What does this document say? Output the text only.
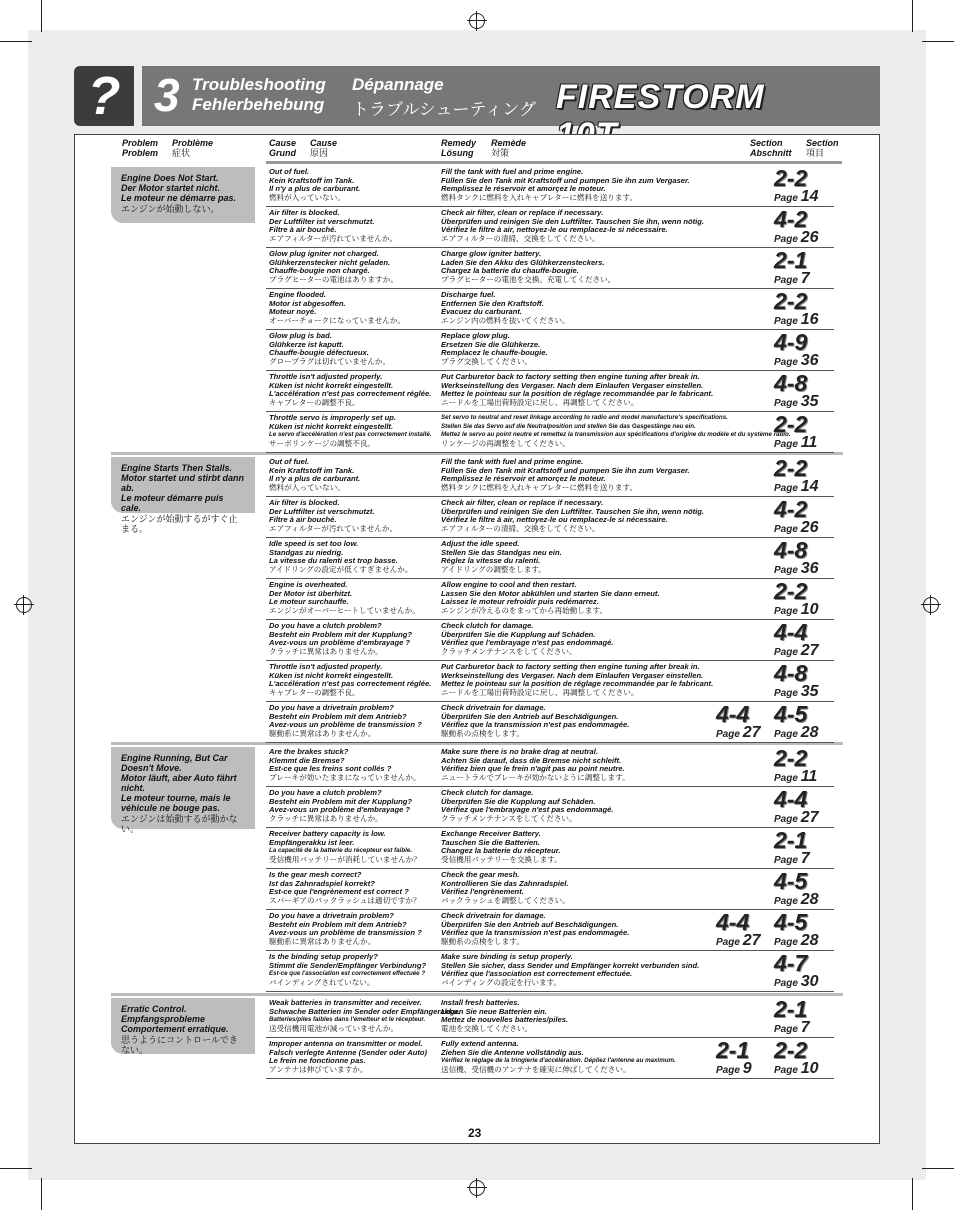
? 3 Troubleshooting
Fehlerbehebung
Dépannage
トラブルシューティング FIRESTORM
Problem Problème
Problem 症状
Cause Cause
Grund 原因
Remedy Remède
Lösung 対策
Section	Section
Abschnitt 項目
Engine Does Not Start.
Der Motor startet nicht.
Le moteur ne démarre pas.
エンジンが始動しない。
Engine Starts Then Stalls.
Motor startet und stirbt dann ab.
Le moteur démarre puis cale.
エンジンが始動するがすぐ止まる。
Engine Running, But Car
Doesn't Move.
Motor läuft, aber Auto fährt nicht.
Le moteur tourne, mais le
véhicule ne bouge pas.
エンジンは始動するが動かない。
Erratic Control.
Empfangsprobleme
Comportement erratique.
思うようにコントロールできない。
Out of fuel.
Kein Kraftstoff im Tank.
Il n'y a plus de carburant.
燃料が入っていない。
Fill the tank with fuel and prime engine.
Füllen Sie den Tank mit Kraftstoff und pumpen Sie ihn zum Vergaser.
Remplissez le réservoir et amorçez le moteur.
燃料タンクに燃料を入れキャブレターに燃料を送ります。
2-2
Page 14
Air filter is blocked.
Der Luftfilter ist verschmutzt.
Filtre à air bouché.
エアフィルターが汚れていませんか。
Check air filter, clean or replace if necessary.
Überprüfen und reinigen Sie den Luftfilter. Tauschen Sie ihn, wenn nötig.
Vérifiez le filtre à air, nettoyez-le ou remplacez-le si nécessaire.
エアフィルターの清掃、交換をしてください。
4-2
Page 26
Glow plug igniter not charged.
Glühkerzenstecker nicht geladen.
Chauffe-bougie non chargé.
プラグヒーターの電池はありますか。
Charge glow igniter battery.
Laden Sie den Akku des Glühkerzensteckers.
Chargez la batterie du chauffe-bougie.
プラグヒーターの電池を交換、充電してください。
2-1
Page 7
Engine flooded.
Motor ist abgesoffen.
Moteur noyé.
オーバーチョークになっていませんか。
Discharge fuel.
Entfernen Sie den Kraftstoff.
Évacuez du carburant.
エンジン内の燃料を抜いてください。
2-2
Page 16
Glow plug is bad.
Glühkerze ist kaputt.
Chauffe-bougie défectueux.
グロープラグは切れていませんか。
Replace glow plug.
Ersetzen Sie die Glühkerze.
Remplacez le chauffe-bougie.
プラグ交換してください。
4-9
Page 36
Throttle isn't adjusted properly.
Küken ist nicht korrekt eingestellt.
L'accélération n'est pas correctement réglée.
キャブレターの調整不良。
Put Carburetor back to factory setting then engine tuning after break in.
Werkseinstellung des Vergaser. Nach dem Einlaufen Vergaser einstellen.
Mettez le pointeau sur la position de réglage recommandée par le fabricant.
ニードルを工場出荷時設定に戻し、再調整してください。
4-8
Page 35
Throttle servo is improperly set up.
Küken ist nicht korrekt eingestellt.
Le servo d'accélération n'est pas correctement installé.
サーボリンケージの調整不良。
Set servo to neutral and reset linkage according to radio and model manufacture's specifications.
Stellen Sie das Servo auf die Neutralposition und stellen Sie das Gasgestänge neu ein.
Mettez le servo au point neutre et remettez la transmission aux spécifications d'origine du modèle et du système radio.
リンケージの再調整をしてください。
2-2
Page 11
Out of fuel.
Kein Kraftstoff im Tank.
Il n'y a plus de carburant.
燃料が入っていない。
Fill the tank with fuel and prime engine.
Füllen Sie den Tank mit Kraftstoff und pumpen Sie ihn zum Vergaser.
Remplissez le réservoir et amorçez le moteur.
燃料タンクに燃料を入れキャブレターに燃料を送ります。
2-2
Page 14
Air filter is blocked.
Der Luftfilter ist verschmutzt.
Filtre à air bouché.
エアフィルターが汚れていませんか。
Check air filter, clean or replace if necessary.
Überprüfen und reinigen Sie den Luftfilter. Tauschen Sie ihn, wenn nötig.
Vérifiez le filtre à air, nettoyez-le ou remplacez-le si nécessaire.
エアフィルターの清掃、交換をしてください。
4-2
Page 26
Idle speed is set too low.
Standgas zu niedrig.
La vitesse du ralenti est trop basse.
アイドリングの設定が低くすぎませんか。
Adjust the idle speed.
Stellen Sie das Standgas neu ein.
Réglez la vitesse du ralenti.
アイドリングの調整をします。
4-8
Page 36
Engine is overheated.
Der Motor ist überhitzt.
Le moteur surchauffe.
エンジンがオーバーヒートしていませんか。
Allow engine to cool and then restart.
Lassen Sie den Motor abkühlen und starten Sie dann erneut.
Laissez le moteur refroidir puis redémarrez.
エンジンが冷えるのをまってから再始動します。
2-2
Page 10
Do you have a clutch problem?
Besteht ein Problem mit der Kupplung?
Avez-vous un problème d'embrayage ?
クラッチに異常はありませんか。
Check clutch for damage.
Überprüfen Sie die Kupplung auf Schäden.
Vérifiez que l'embrayage n'est pas endommagé.
クラッチメンテナンスをしてください。
4-4
Page 27
Throttle isn't adjusted properly.
Küken ist nicht korrekt eingestellt.
L'accélération n'est pas correctement réglée.
キャブレターの調整不良。
Put Carburetor back to factory setting then engine tuning after break in.
Werkseinstellung des Vergaser. Nach dem Einlaufen Vergaser einstellen.
Mettez le pointeau sur la position de réglage recommandée par le fabricant.
ニードルを工場出荷時設定に戻し、再調整してください。
4-8
Page 35
Do you have a drivetrain problem?
Besteht ein Problem mit dem Antrieb?
Avez-vous un problème de transmission ?
駆動系に異常はありませんか。
Check drivetrain for damage.
Überprüfen Sie den Antrieb auf Beschädigungen.
Vérifiez que la transmission n'est pas endommagée.
駆動系の点検をします。
4-4
Page 27
4-5
Page 28
Are the brakes stuck?
Klemmt die Bremse?
Est-ce que les freins sont collés ?
ブレーキが効いたままになっていませんか。
Make sure there is no brake drag at neutral.
Achten Sie darauf, dass die Bremse nicht schleift.
Vérifiez bien que le frein n'agit pas au point neutre.
ニュートラルでブレーキが効かないように調整します。
2-2
Page 11
Do you have a clutch problem?
Besteht ein Problem mit der Kupplung?
Avez-vous un problème d'embrayage ?
クラッチに異常はありませんか。
Check clutch for damage.
Überprüfen Sie die Kupplung auf Schäden.
Vérifiez que l'embrayage n'est pas endommagé.
クラッチメンテナンスをしてください。
4-4
Page 27
Receiver battery capacity is low.
Empfängerakku ist leer.
La capacité de la batterie du récepteur est faible.
受信機用バッテリーが消耗していませんか？
Exchange Receiver Battery.
Tauschen Sie die Batterien.
Changez la batterie du récepteur.
受信機用バッテリーを交換します。
2-1
Page 7
Is the gear mesh correct?
Ist das Zahnradspiel korrekt?
Est-ce que l'engrènement est correct ?
スパーギアのバックラッシュは適切ですか？
Check the gear mesh.
Kontrollieren Sie das Zahnradspiel.
Vérifiez l'engrènement.
バックラッシュを調整してください。
4-5
Page 28
Do you have a drivetrain problem?
Besteht ein Problem mit dem Antrieb?
Avez-vous un problème de transmission ?
駆動系に異常はありませんか。
Check drivetrain for damage.
Überprüfen Sie den Antrieb auf Beschädigungen.
Vérifiez que la transmission n'est pas endommagée.
駆動系の点検をします。
4-4
Page 27
4-5
Page 28
Is the binding setup properly?
Stimmt die Sender/Empfänger Verbindung?
Est-ce que l'association est correctement effectuée ?
バインディングされていない。
Make sure binding is setup properly.
Stellen Sie sicher, dass Sender und Empfänger korrekt verbunden sind.
Vérifiez que l'association est correctement effectuée.
バインディングの設定を行います。
4-7
Page 30
Weak batteries in transmitter and receiver.
Schwache Batterien im Sender oder Empfängerakku.
Batteries/piles faibles dans l'émetteur et le récepteur.
送受信機用電池が減っていませんか。
Install fresh batteries.
Legen Sie neue Batterien ein.
Mettez de nouvelles batteries/piles.
電池を交換してください。
2-1
Page 7
Improper antenna on transmitter or model.
Falsch verlegte Antenne (Sender oder Auto)
Le frein ne fonctionne pas.
アンテナは伸びていますか。
Fully extend antenna.
Ziehen Sie die Antenne vollständig aus.
Vérifiez le réglage de la tringlerie d'accélération. Dépliez l'antenne au maximum.
送信機、受信機のアンテナを確実に伸ばしてください。
2-1
Page 9
2-2
Page 10
23
